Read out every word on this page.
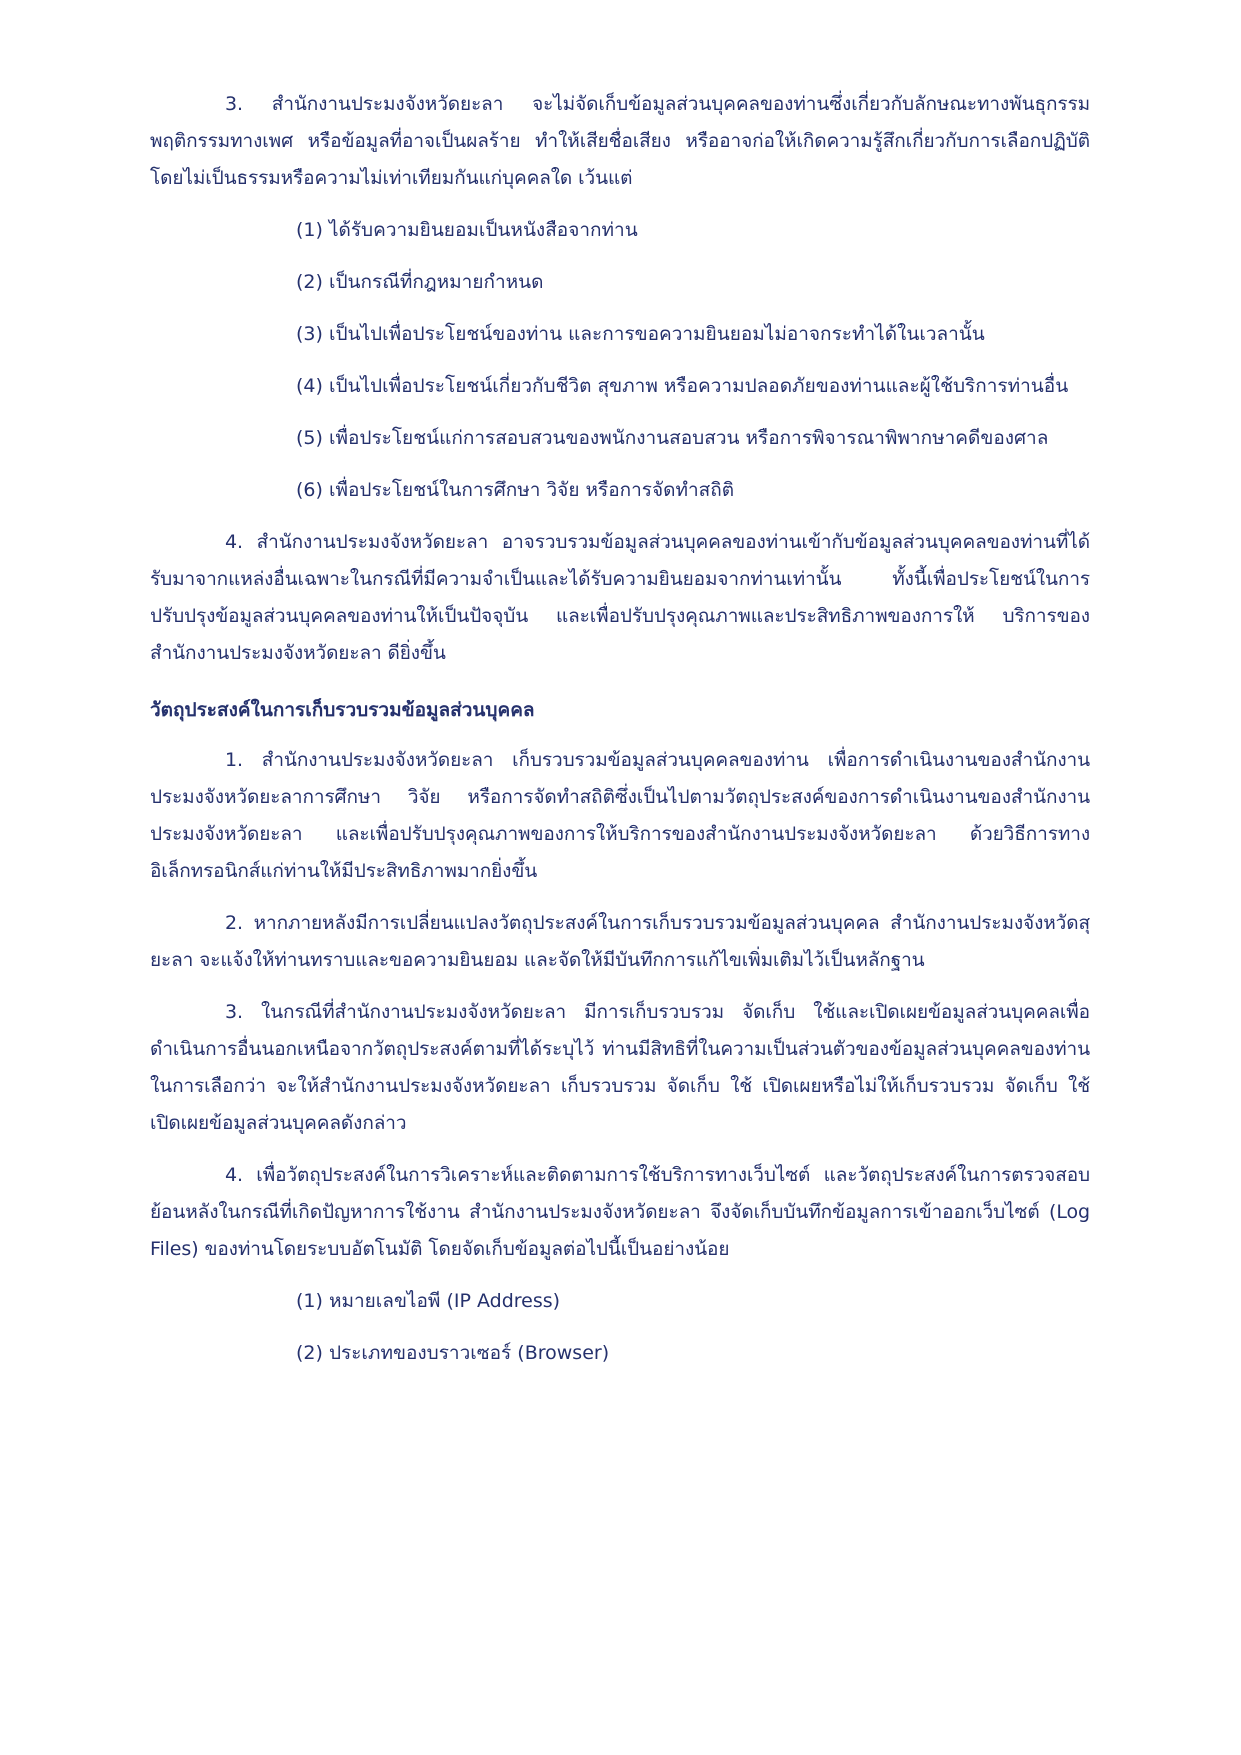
3. สำนักงานประมงจังหวัดยะลา จะไม่จัดเก็บข้อมูลส่วนบุคคลของท่านซึ่งเกี่ยวกับลักษณะทางพันธุกรรม พฤติกรรมทางเพศ หรือข้อมูลที่อาจเป็นผลร้าย ทำให้เสียชื่อเสียง หรืออาจก่อให้เกิดความรู้สึกเกี่ยวกับการเลือกปฏิบัติโดยไม่เป็นธรรมหรือความไม่เท่าเทียมกันแก่บุคคลใด เว้นแต่

(1) ได้รับความยินยอมเป็นหนังสือจากท่าน
(2) เป็นกรณีที่กฎหมายกำหนด
(3) เป็นไปเพื่อประโยชน์ของท่าน และการขอความยินยอมไม่อาจกระทำได้ในเวลานั้น
(4) เป็นไปเพื่อประโยชน์เกี่ยวกับชีวิต สุขภาพ หรือความปลอดภัยของท่านและผู้ใช้บริการท่านอื่น
(5) เพื่อประโยชน์แก่การสอบสวนของพนักงานสอบสวน หรือการพิจารณาพิพากษาคดีของศาล
(6) เพื่อประโยชน์ในการศึกษา วิจัย หรือการจัดทำสถิติ

4. สำนักงานประมงจังหวัดยะลา อาจรวบรวมข้อมูลส่วนบุคคลของท่านเข้ากับข้อมูลส่วนบุคคลของท่านที่ได้รับมาจากแหล่งอื่นเฉพาะในกรณีที่มีความจำเป็นและได้รับความยินยอมจากท่านเท่านั้น ทั้งนี้เพื่อประโยชน์ในการปรับปรุงข้อมูลส่วนบุคคลของท่านให้เป็นปัจจุบัน และเพื่อปรับปรุงคุณภาพและประสิทธิภาพของการให้ บริการของสำนักงานประมงจังหวัดยะลา ดียิ่งขึ้น

วัตถุประสงค์ในการเก็บรวบรวมข้อมูลส่วนบุคคล

1. สำนักงานประมงจังหวัดยะลา เก็บรวบรวมข้อมูลส่วนบุคคลของท่าน เพื่อการดำเนินงานของสำนักงานประมงจังหวัดยะลาการศึกษา วิจัย หรือการจัดทำสถิติซึ่งเป็นไปตามวัตถุประสงค์ของการดำเนินงานของสำนักงานประมงจังหวัดยะลา และเพื่อปรับปรุงคุณภาพของการให้บริการของสำนักงานประมงจังหวัดยะลา ด้วยวิธีการทางอิเล็กทรอนิกส์แก่ท่านให้มีประสิทธิภาพมากยิ่งขึ้น

2. หากภายหลังมีการเปลี่ยนแปลงวัตถุประสงค์ในการเก็บรวบรวมข้อมูลส่วนบุคคล สำนักงานประมงจังหวัดสุยะลา จะแจ้งให้ท่านทราบและขอความยินยอม และจัดให้มีบันทึกการแก้ไขเพิ่มเติมไว้เป็นหลักฐาน

3. ในกรณีที่สำนักงานประมงจังหวัดยะลา มีการเก็บรวบรวม จัดเก็บ ใช้และเปิดเผยข้อมูลส่วนบุคคลเพื่อดำเนินการอื่นนอกเหนือจากวัตถุประสงค์ตามที่ได้ระบุไว้ ท่านมีสิทธิที่ในความเป็นส่วนตัวของข้อมูลส่วนบุคคลของท่านในการเลือกว่า จะให้สำนักงานประมงจังหวัดยะลา เก็บรวบรวม จัดเก็บ ใช้ เปิดเผยหรือไม่ให้เก็บรวบรวม จัดเก็บ ใช้ เปิดเผยข้อมูลส่วนบุคคลดังกล่าว

4. เพื่อวัตถุประสงค์ในการวิเคราะห์และติดตามการใช้บริการทางเว็บไซต์ และวัตถุประสงค์ในการตรวจสอบย้อนหลังในกรณีที่เกิดปัญหาการใช้งาน สำนักงานประมงจังหวัดยะลา จึงจัดเก็บบันทึกข้อมูลการเข้าออกเว็บไซต์ (Log Files) ของท่านโดยระบบอัตโนมัติ โดยจัดเก็บข้อมูลต่อไปนี้เป็นอย่างน้อย

(1) หมายเลขไอพี (IP Address)
(2) ประเภทของบราวเซอร์ (Browser)
